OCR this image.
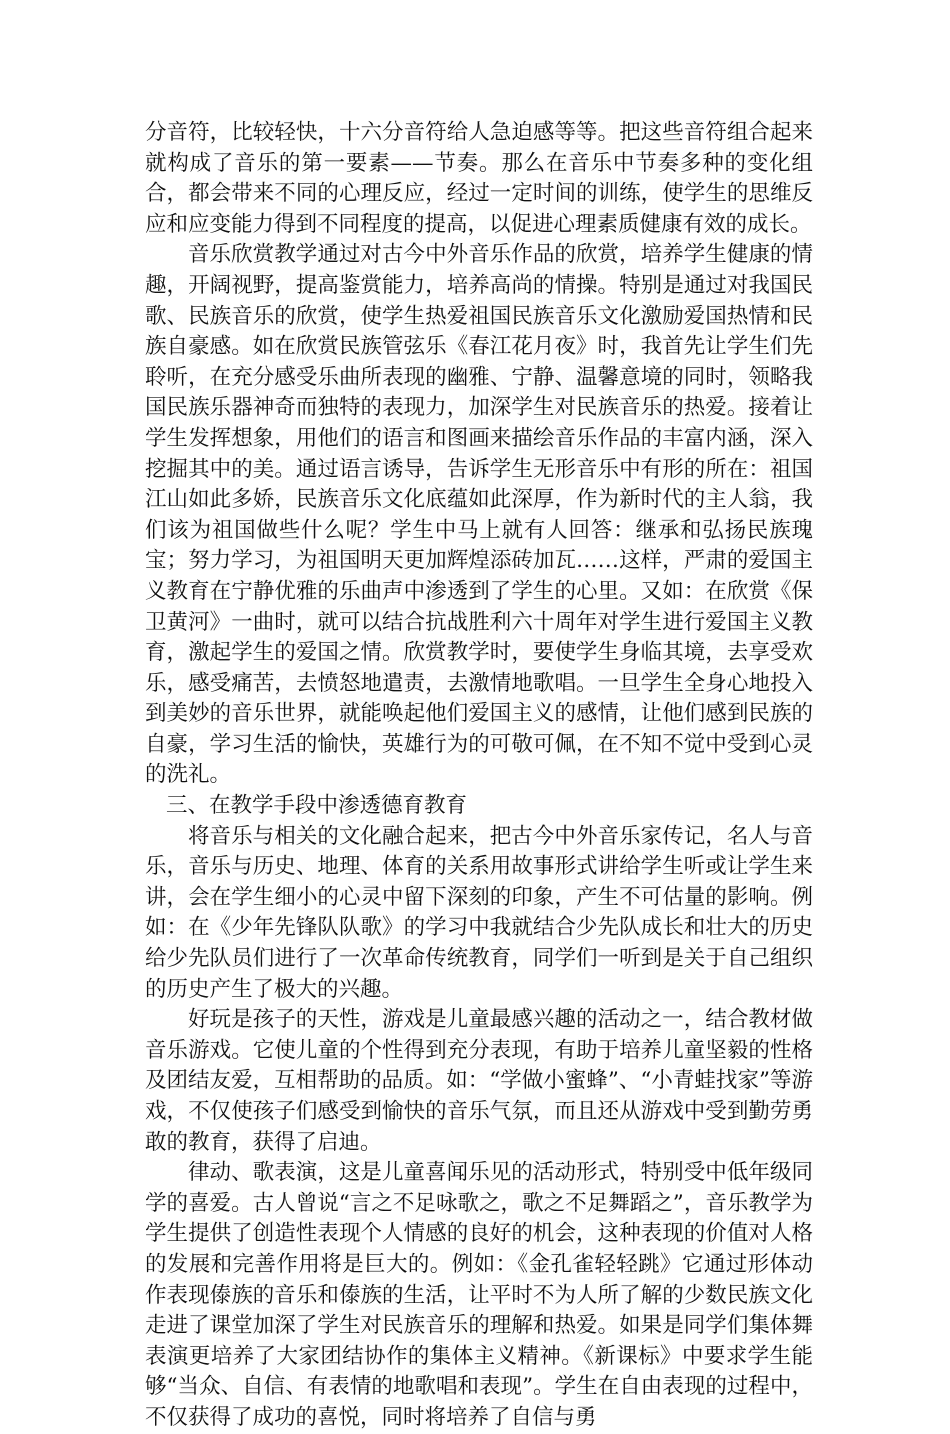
分音符，比较轻快，十六分音符给人急迫感等等。把这些音符组合起来就构成了音乐的第一要素——节奏。那么在音乐中节奏多种的变化组合，都会带来不同的心理反应，经过一定时间的训练，使学生的思维反应和应变能力得到不同程度的提高，以促进心理素质健康有效的成长。

音乐欣赏教学通过对古今中外音乐作品的欣赏，培养学生健康的情趣，开阔视野，提高鉴赏能力，培养高尚的情操。特别是通过对我国民歌、民族音乐的欣赏，使学生热爱祖国民族音乐文化激励爱国热情和民族自豪感。如在欣赏民族管弦乐《春江花月夜》时，我首先让学生们先聆听，在充分感受乐曲所表现的幽雅、宁静、温馨意境的同时，领略我国民族乐器神奇而独特的表现力，加深学生对民族音乐的热爱。接着让学生发挥想象，用他们的语言和图画来描绘音乐作品的丰富内涵，深入挖掘其中的美。通过语言诱导，告诉学生无形音乐中有形的所在：祖国江山如此多娇，民族音乐文化底蕴如此深厚，作为新时代的主人翁，我们该为祖国做些什么呢？学生中马上就有人回答：继承和弘扬民族瑰宝；努力学习，为祖国明天更加辉煌添砖加瓦……这样，严肃的爱国主义教育在宁静优雅的乐曲声中渗透到了学生的心里。又如：在欣赏《保卫黄河》一曲时，就可以结合抗战胜利六十周年对学生进行爱国主义教育，激起学生的爱国之情。欣赏教学时，要使学生身临其境，去享受欢乐，感受痛苦，去愤怒地遣责，去激情地歌唱。一旦学生全身心地投入到美妙的音乐世界，就能唤起他们爱国主义的感情，让他们感到民族的自豪，学习生活的愉快，英雄行为的可敬可佩，在不知不觉中受到心灵的洗礼。

三、在教学手段中渗透德育教育

将音乐与相关的文化融合起来，把古今中外音乐家传记，名人与音乐，音乐与历史、地理、体育的关系用故事形式讲给学生听或让学生来讲，会在学生细小的心灵中留下深刻的印象，产生不可估量的影响。例如：在《少年先锋队队歌》的学习中我就结合少先队成长和壮大的历史给少先队员们进行了一次革命传统教育，同学们一听到是关于自己组织的历史产生了极大的兴趣。

好玩是孩子的天性，游戏是儿童最感兴趣的活动之一，结合教材做音乐游戏。它使儿童的个性得到充分表现，有助于培养儿童坚毅的性格及团结友爱，互相帮助的品质。如：“学做小蜜蜂”、“小青蛙找家”等游戏，不仅使孩子们感受到愉快的音乐气氛，而且还从游戏中受到勤劳勇敢的教育，获得了启迪。

律动、歌表演，这是儿童喜闻乐见的活动形式，特别受中低年级同学的喜爱。古人曾说“言之不足咏歌之，歌之不足舞蹈之”，音乐教学为学生提供了创造性表现个人情感的良好的机会，这种表现的价值对人格的发展和完善作用将是巨大的。例如：《金孔雀轻轻跳》它通过形体动作表现傣族的音乐和傣族的生活，让平时不为人所了解的少数民族文化走进了课堂加深了学生对民族音乐的理解和热爱。如果是同学们集体舞表演更培养了大家团结协作的集体主义精神。《新课标》中要求学生能够“当众、自信、有表情的地歌唱和表现”。学生在自由表现的过程中，不仅获得了成功的喜悦，同时将培养了自信与勇
